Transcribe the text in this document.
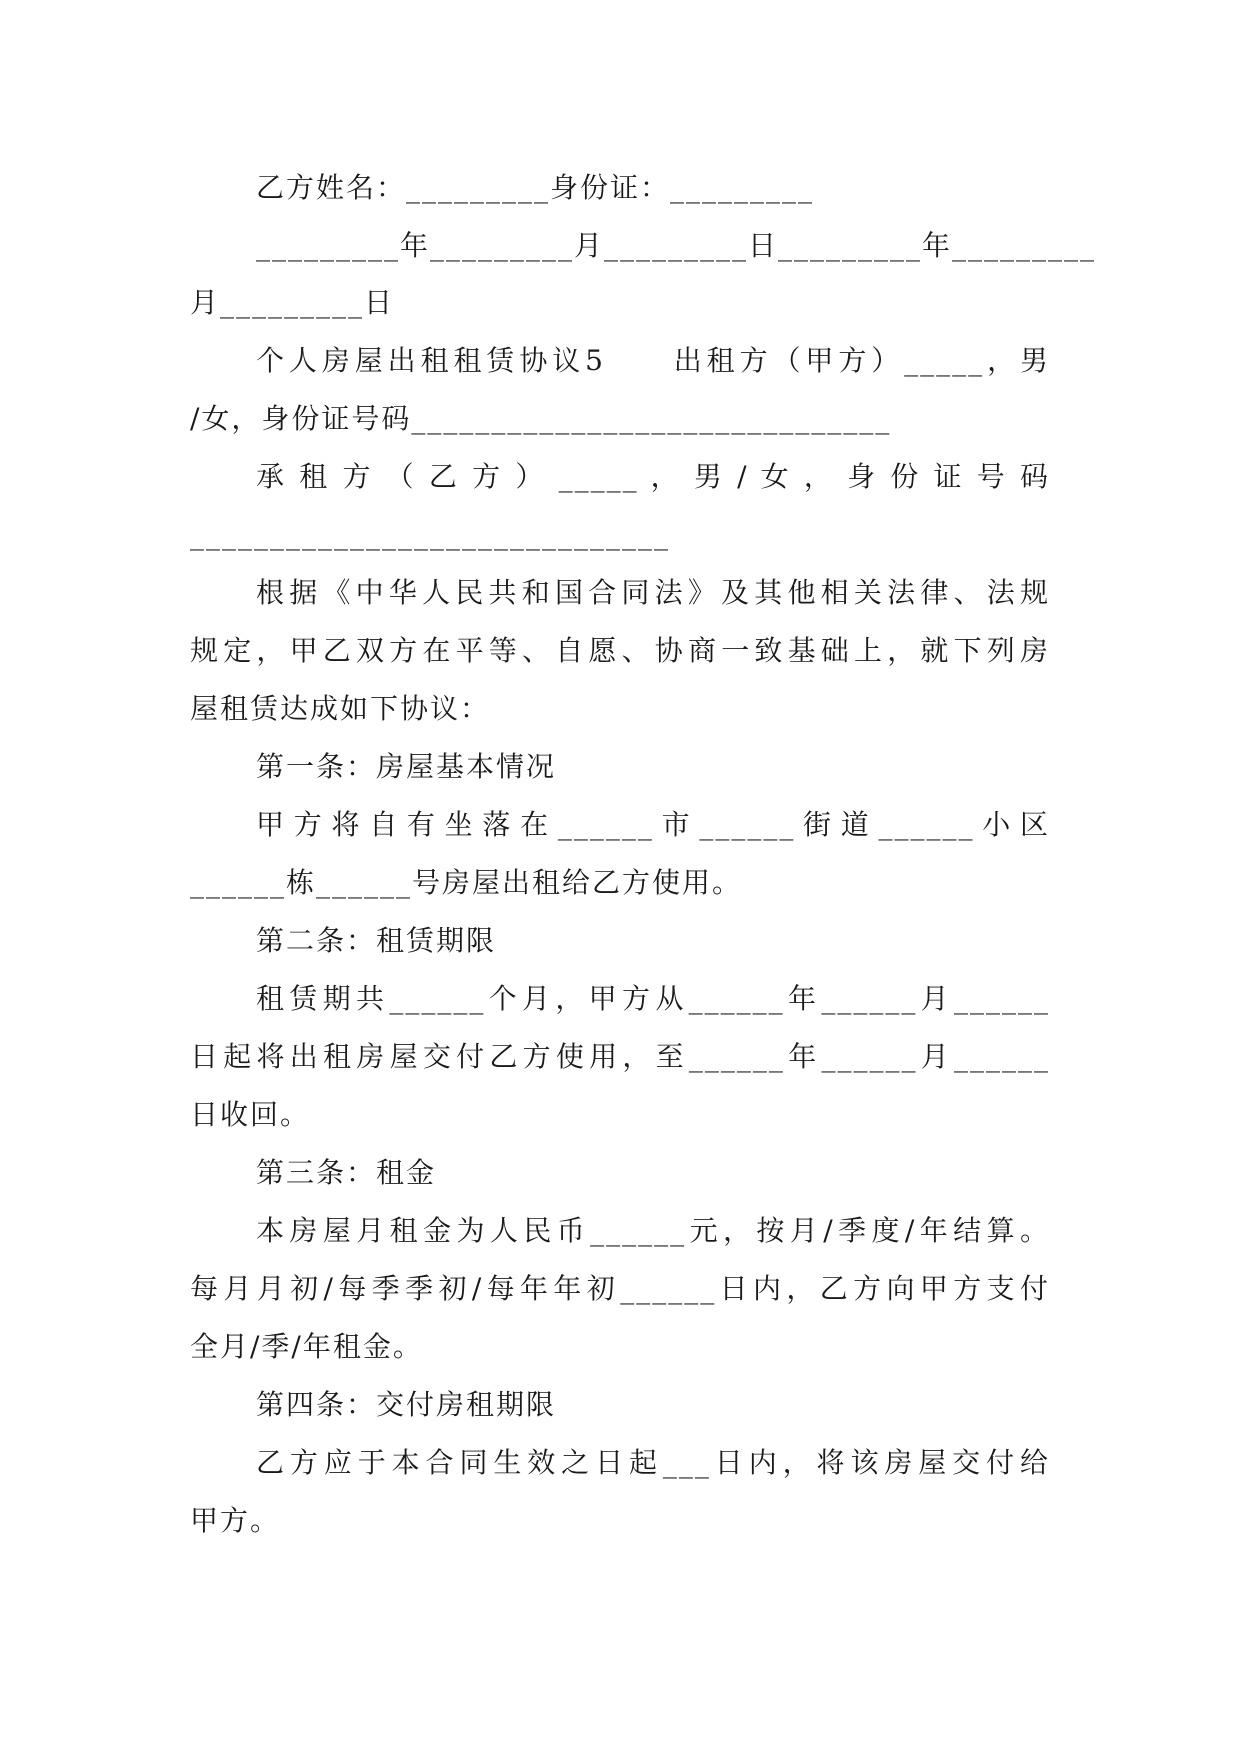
乙方姓名：_________身份证：_________
_________年_________月_________日_________年_________
月_________日
个人房屋出租租赁协议5　　出租方（甲方）_____，男
/女，身份证号码______________________________
承 租 方 （ 乙 方 ） _____ ， 男 / 女 ， 身 份 证 号 码
______________________________
根据《中华人民共和国合同法》及其他相关法律、法规
规定，甲乙双方在平等、自愿、协商一致基础上，就下列房
屋租赁达成如下协议：
第一条：房屋基本情况
甲方将自有坐落在______市______街道______小区
______栋______号房屋出租给乙方使用。
第二条：租赁期限
租赁期共______个月，甲方从______年______月______
日起将出租房屋交付乙方使用，至______年______月______
日收回。
第三条：租金
本房屋月租金为人民币______元，按月/季度/年结算。
每月月初/每季季初/每年年初______日内，乙方向甲方支付
全月/季/年租金。
第四条：交付房租期限
乙方应于本合同生效之日起___日内，将该房屋交付给
甲方。
